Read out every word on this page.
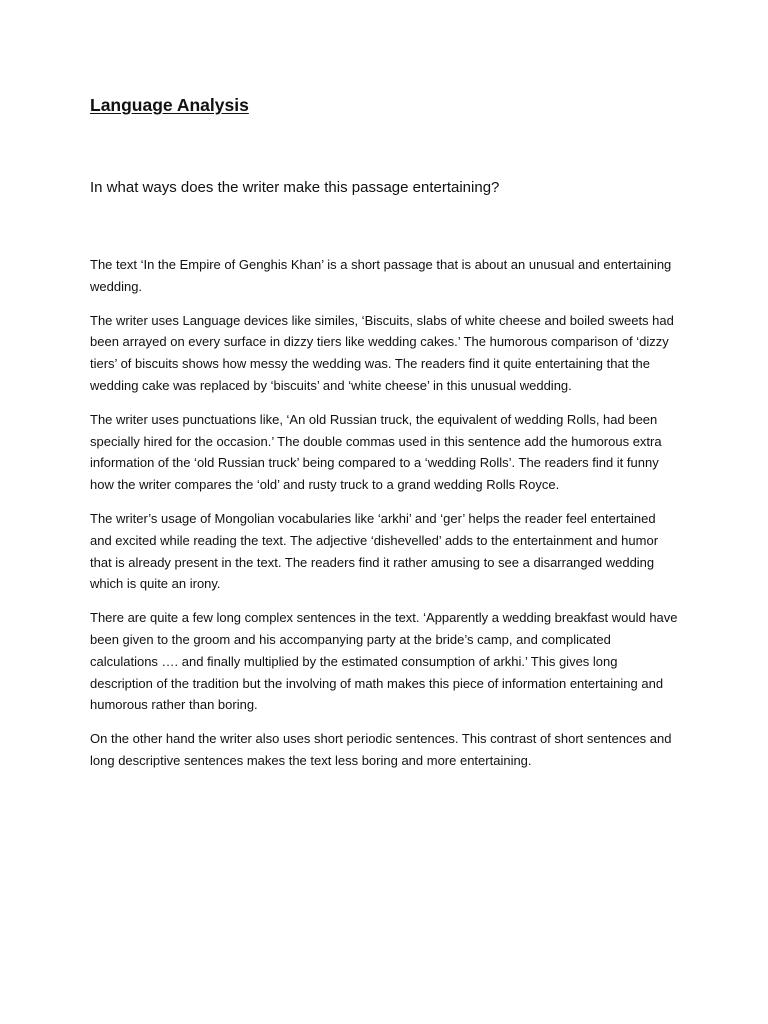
Language Analysis
In what ways does the writer make this passage entertaining?

The text ‘In the Empire of Genghis Khan’ is a short passage that is about an unusual and entertaining wedding.

The writer uses Language devices like similes, ‘Biscuits, slabs of white cheese and boiled sweets had been arrayed on every surface in dizzy tiers like wedding cakes.’ The humorous comparison of ‘dizzy tiers’ of biscuits shows how messy the wedding was. The readers find it quite entertaining that the wedding cake was replaced by ‘biscuits’ and ‘white cheese’ in this unusual wedding.

The writer uses punctuations like, ‘An old Russian truck, the equivalent of wedding Rolls, had been specially hired for the occasion.’ The double commas used in this sentence add the humorous extra information of the ‘old Russian truck’ being compared to a ‘wedding Rolls’. The readers find it funny how the writer compares the ‘old’ and rusty truck to a grand wedding Rolls Royce.

The writer’s usage of Mongolian vocabularies like ‘arkhi’ and ‘ger’ helps the reader feel entertained and excited while reading the text. The adjective ‘dishevelled’ adds to the entertainment and humor that is already present in the text. The readers find it rather amusing to see a disarranged wedding which is quite an irony.

There are quite a few long complex sentences in the text. ‘Apparently a wedding breakfast would have been given to the groom and his accompanying party at the bride’s camp, and complicated calculations …. and finally multiplied by the estimated consumption of arkhi.’ This gives long description of the tradition but the involving of math makes this piece of information entertaining and humorous rather than boring.

On the other hand the writer also uses short periodic sentences. This contrast of short sentences and long descriptive sentences makes the text less boring and more entertaining.
